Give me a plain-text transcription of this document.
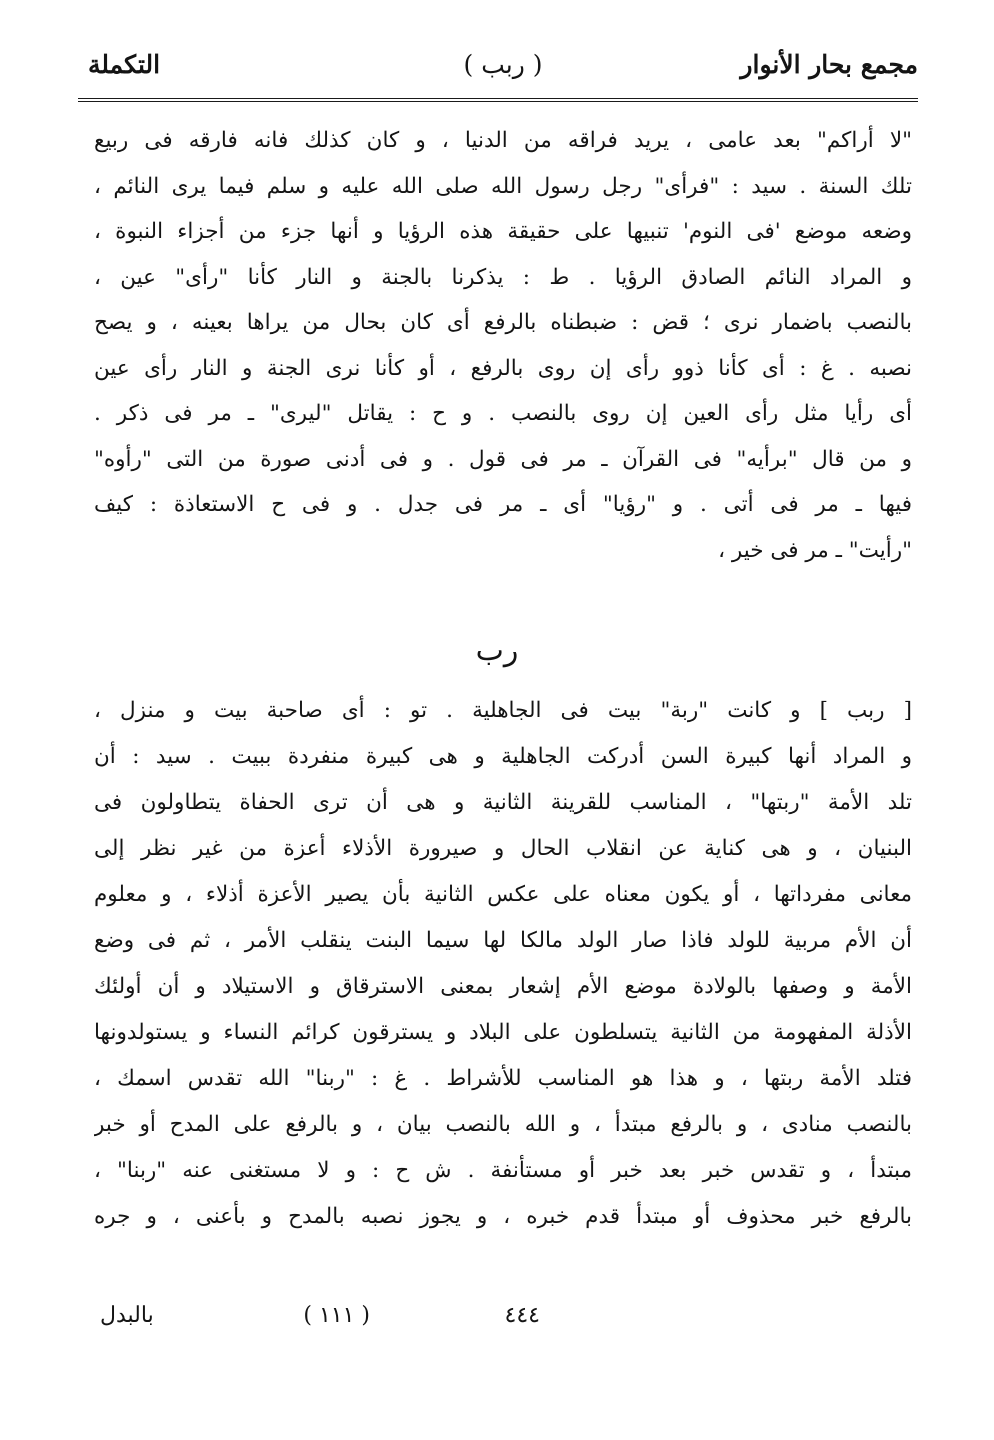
مجمع بحار الأنوار
( ربب )
التكملة
"لا أراكم" بعد عامى ، يريد فراقه من الدنيا ، و كان كذلك فانه فارقه فى ربيع
تلك السنة . سيد : "فرأى" رجل رسول الله صلى الله عليه و سلم فيما يرى النائم ،
وضعه موضع 'فى النوم' تنبيها على حقيقة هذه الرؤيا و أنها جزء من أجزاء النبوة ،
و المراد النائم الصادق الرؤيا . ط : يذكرنا بالجنة و النار كأنا "رأى" عين ،
بالنصب باضمار نرى ؛ قض : ضبطناه بالرفع أى كان بحال من يراها بعينه ، و يصح
نصبه . غ : أى كأنا ذوو رأى إن روى بالرفع ، أو كأنا نرى الجنة و النار رأى عين
أى رأيا مثل رأى العين إن روى بالنصب . و ح : يقاتل "ليرى" ـ مر فى ذكر .
و من قال "برأيه" فى القرآن ـ مر فى قول . و فى أدنى صورة من التى "رأوه"
فيها ـ مر فى أتى . و "رؤيا" أى ـ مر فى جدل . و فى ح الاستعاذة : كيف
"رأيت" ـ مر فى خير ،
رب
[ ربب ] و كانت "ربة" بيت فى الجاهلية . تو : أى صاحبة بيت و منزل ،
و المراد أنها كبيرة السن أدركت الجاهلية و هى كبيرة منفردة ببيت . سيد : أن
تلد الأمة "ربتها" ، المناسب للقرينة الثانية و هى أن ترى الحفاة يتطاولون فى
البنيان ، و هى كناية عن انقلاب الحال و صيرورة الأذلاء أعزة من غير نظر إلى
معانى مفرداتها ، أو يكون معناه على عكس الثانية بأن يصير الأعزة أذلاء ، و معلوم
أن الأم مربية للولد فاذا صار الولد مالكا لها سيما البنت ينقلب الأمر ، ثم فى وضع
الأمة و وصفها بالولادة موضع الأم إشعار بمعنى الاسترقاق و الاستيلاد و أن أولئك
الأذلة المفهومة من الثانية يتسلطون على البلاد و يسترقون كرائم النساء و يستولدونها
فتلد الأمة ربتها ، و هذا هو المناسب للأشراط . غ : "ربنا" الله تقدس اسمك ،
بالنصب منادى ، و بالرفع مبتدأ ، و الله بالنصب بيان ، و بالرفع على المدح أو خبر
مبتدأ ، و تقدس خبر بعد خبر أو مستأنفة . ش ح : و لا مستغنى عنه "ربنا" ،
بالرفع خبر محذوف أو مبتدأ قدم خبره ، و يجوز نصبه بالمدح و بأعنى ، و جره
٤٤٤
( ١١١ )
بالبدل
